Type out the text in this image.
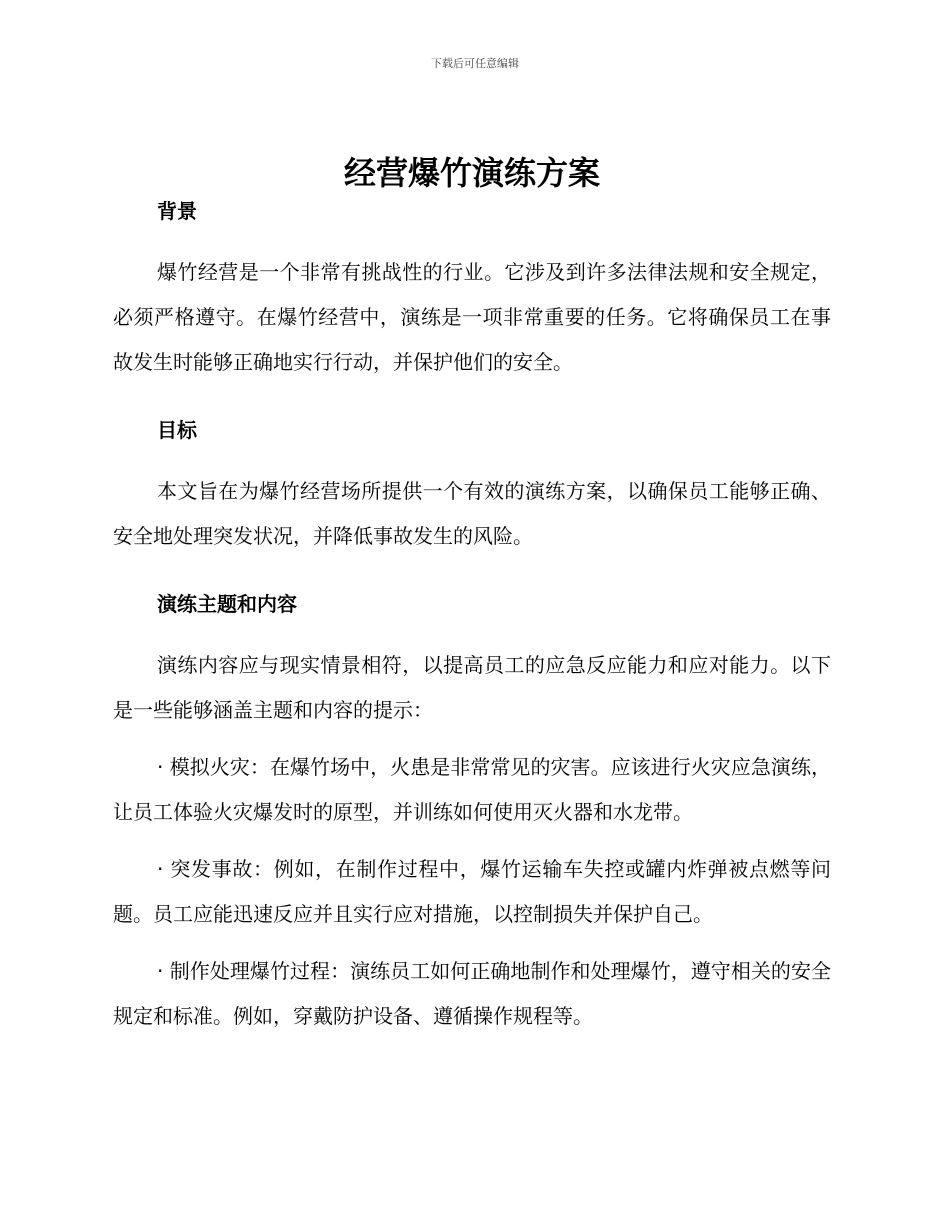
下载后可任意编辑
经营爆竹演练方案
背景

爆竹经营是一个非常有挑战性的行业。它涉及到许多法律法规和安全规定，必须严格遵守。在爆竹经营中，演练是一项非常重要的任务。它将确保员工在事故发生时能够正确地实行行动，并保护他们的安全。

目标

本文旨在为爆竹经营场所提供一个有效的演练方案，以确保员工能够正确、安全地处理突发状况，并降低事故发生的风险。

演练主题和内容

演练内容应与现实情景相符，以提高员工的应急反应能力和应对能力。以下是一些能够涵盖主题和内容的提示：

· 模拟火灾：在爆竹场中，火患是非常常见的灾害。应该进行火灾应急演练，让员工体验火灾爆发时的原型，并训练如何使用灭火器和水龙带。

· 突发事故：例如，在制作过程中，爆竹运输车失控或罐内炸弹被点燃等问题。员工应能迅速反应并且实行应对措施，以控制损失并保护自己。

· 制作处理爆竹过程：演练员工如何正确地制作和处理爆竹，遵守相关的安全规定和标准。例如，穿戴防护设备、遵循操作规程等。
